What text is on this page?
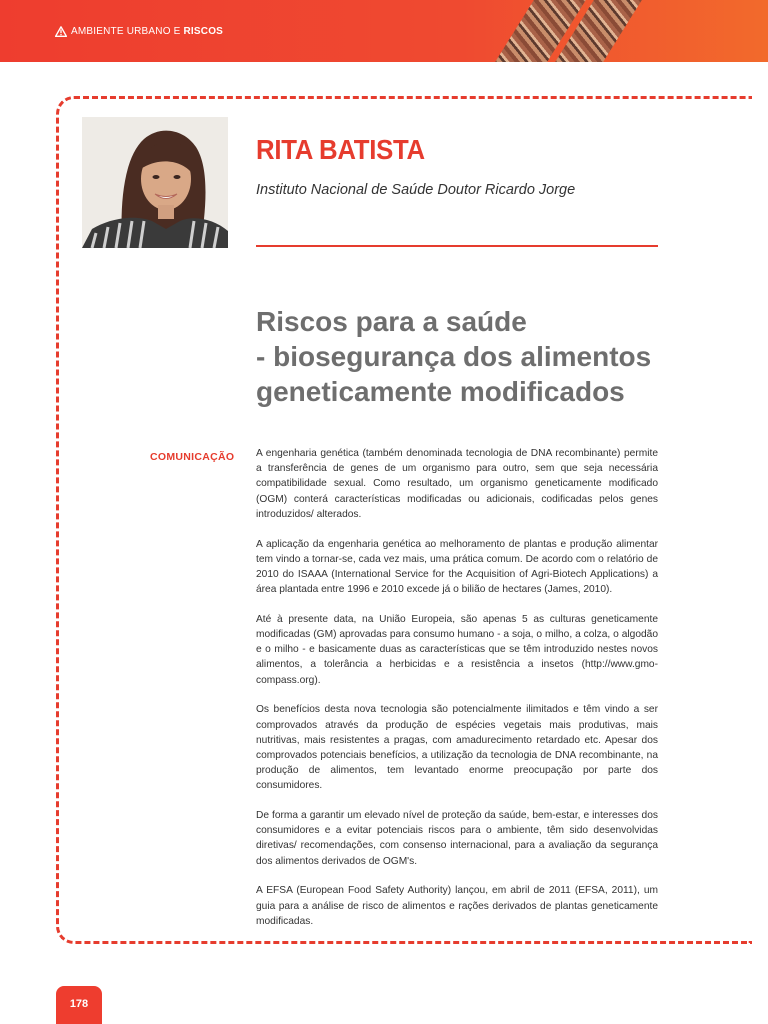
AMBIENTE URBANO E RISCOS
RITA BATISTA

Instituto Nacional de Saúde Doutor Ricardo Jorge

Riscos para a saúde
- biosegurança dos alimentos
geneticamente modificados
COMUNICAÇÃO A engenharia genética (também denominada tecnologia de DNA recombinante) permite a transferência de genes de um organismo para outro, sem que seja necessária compatibilidade sexual. Como resultado, um organismo geneticamente modificado (OGM) conterá características modificadas ou adicionais, codificadas pelos genes introduzidos/ alterados.

A aplicação da engenharia genética ao melhoramento de plantas e produção alimentar tem vindo a tornar-se, cada vez mais, uma prática comum. De acordo com o relatório de 2010 do ISAAA (International Service for the Acquisition of Agri-Biotech Applications) a área plantada entre 1996 e 2010 excede já o bilião de hectares (James, 2010).

Até à presente data, na União Europeia, são apenas 5 as culturas geneticamente modificadas (GM) aprovadas para consumo humano - a soja, o milho, a colza, o algodão e o milho - e basicamente duas as características que se têm introduzido nestes novos alimentos, a tolerância a herbicidas e a resistência a insetos (http://www.gmo-compass.org).

Os benefícios desta nova tecnologia são potencialmente ilimitados e têm vindo a ser comprovados através da produção de espécies vegetais mais produtivas, mais nutritivas, mais resistentes a pragas, com amadurecimento retardado etc. Apesar dos comprovados potenciais benefícios, a utilização da tecnologia de DNA recombinante, na produção de alimentos, tem levantado enorme preocupação por parte dos consumidores.

De forma a garantir um elevado nível de proteção da saúde, bem-estar, e interesses dos consumidores e a evitar potenciais riscos para o ambiente, têm sido desenvolvidas diretivas/ recomendações, com consenso internacional, para a avaliação da segurança dos alimentos derivados de OGM's.

A EFSA (European Food Safety Authority) lançou, em abril de 2011 (EFSA, 2011), um guia para a análise de risco de alimentos e rações derivados de plantas geneticamente modificadas.

178
